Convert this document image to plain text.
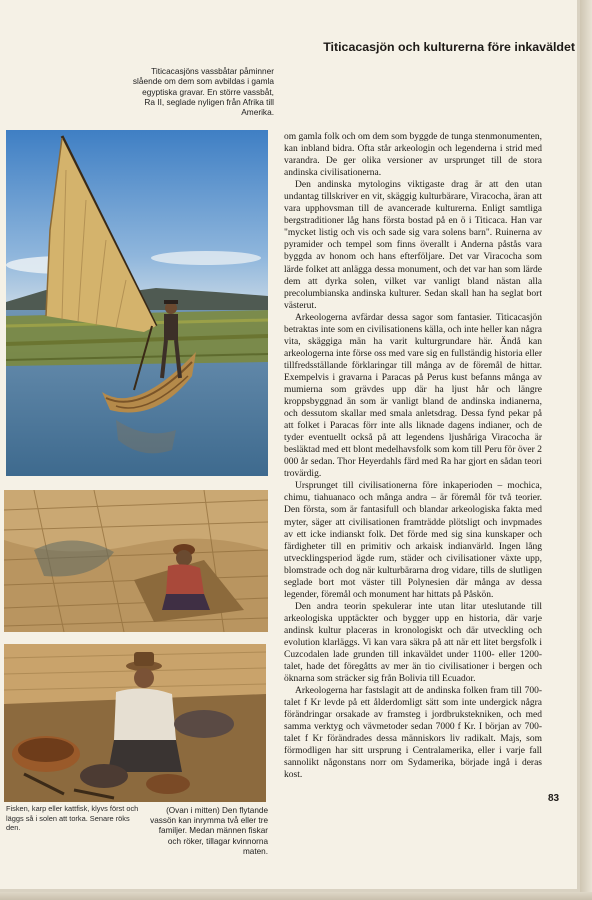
Titicacasjön och kulturerna före inkaväldet
Titicacasjöns vassbåtar påminner slående om dem som avbildas i gamla egyptiska gravar. En större vassbåt, Ra II, seglade nyligen från Afrika till Amerika.
Fisken, karp eller kattfisk, klyvs först och läggs så i solen att torka. Senare röks den.
(Ovan i mitten) Den flytande vassön kan inrymma två eller tre familjer. Medan männen fiskar och röker, tillagar kvinnorna maten.

om gamla folk och om dem som byggde de tunga stenmonumenten, kan inbland bidra. Ofta står arkeologin och legenderna i strid med varandra. De ger olika versioner av ursprunget till de stora andinska civilisationerna.

Den andinska mytologins viktigaste drag är att den utan undantag tillskriver en vit, skäggig kulturbärare, Viracocha, äran att vara upphovsman till de avancerade kulturerna. Enligt samtliga bergstraditioner låg hans första bostad på en ö i Titicaca. Han var "mycket listig och vis och sade sig vara solens barn". Ruinerna av pyramider och tempel som finns överallt i Anderna påstås vara byggda av honom och hans efterföljare. Det var Viracocha som lärde folket att anlägga dessa monument, och det var han som lärde dem att dyrka solen, vilket var vanligt bland nästan alla precolumbianska andinska kulturer. Sedan skall han ha seglat bort västerut.

Arkeologerna avfärdar dessa sagor som fantasier. Titicacasjön betraktas inte som en civilisationens källa, och inte heller kan några vita, skäggiga män ha varit kulturgrundare här. Ändå kan arkeologerna inte förse oss med vare sig en fullständig historia eller tillfredsställande förklaringar till många av de föremål de hittar. Exempelvis i gravarna i Paracas på Perus kust befanns många av mumierna som grävdes upp där ha ljust hår och längre kroppsbyggnad än som är vanligt bland de andinska indianerna, och dessutom skallar med smala anletsdrag. Dessa fynd pekar på att folket i Paracas förr inte alls liknade dagens indianer, och de tyder eventuellt också på att legendens ljushåriga Viracocha är besläktad med ett blont medelhavsfolk som kom till Peru för över 2 000 år sedan. Thor Heyerdahls färd med Ra har gjort en sådan teori trovärdig.

Ursprunget till civilisationerna före inkaperioden – mochica, chimu, tiahuanaco och många andra – är föremål för två teorier. Den första, som är fantasifull och blandar arkeologiska fakta med myter, säger att civilisationen framträdde plötsligt och invpmades av ett icke indianskt folk. Det förde med sig sina kunskaper och färdigheter till en primitiv och arkaisk indianvärld. Ingen lång utvecklingsperiod ägde rum, städer och civilisationer växte upp, blomstrade och dog när kulturbärarna drog vidare, tills de slutligen seglade bort mot väster till Polynesien där många av dessa legender, föremål och monument har hittats på Påskön.

Den andra teorin spekulerar inte utan litar uteslutande till arkeologiska upptäckter och bygger upp en historia, där varje andinsk kultur placeras in kronologiskt och där utveckling och evolution klarläggs. Vi kan vara säkra på att när ett litet bergsfolk i Cuzcodalen lade grunden till inkaväldet under 1100- eller 1200-talet, hade det föregåtts av mer än tio civilisationer i bergen och öknarna som sträcker sig från Bolivia till Ecuador.

Arkeologerna har fastslagit att de andinska folken fram till 700-talet f Kr levde på ett ålderdomligt sätt som inte undergick några förändringar orsakade av framsteg i jordbrukstekniken, och med samma verktyg och vävmetoder sedan 7000 f Kr. I början av 700-talet f Kr förändrades dessa människors liv radikalt. Majs, som förmodligen har sitt ursprung i Centralamerika, eller i varje fall sannolikt någonstans norr om Sydamerika, började ingå i deras kost.

83
